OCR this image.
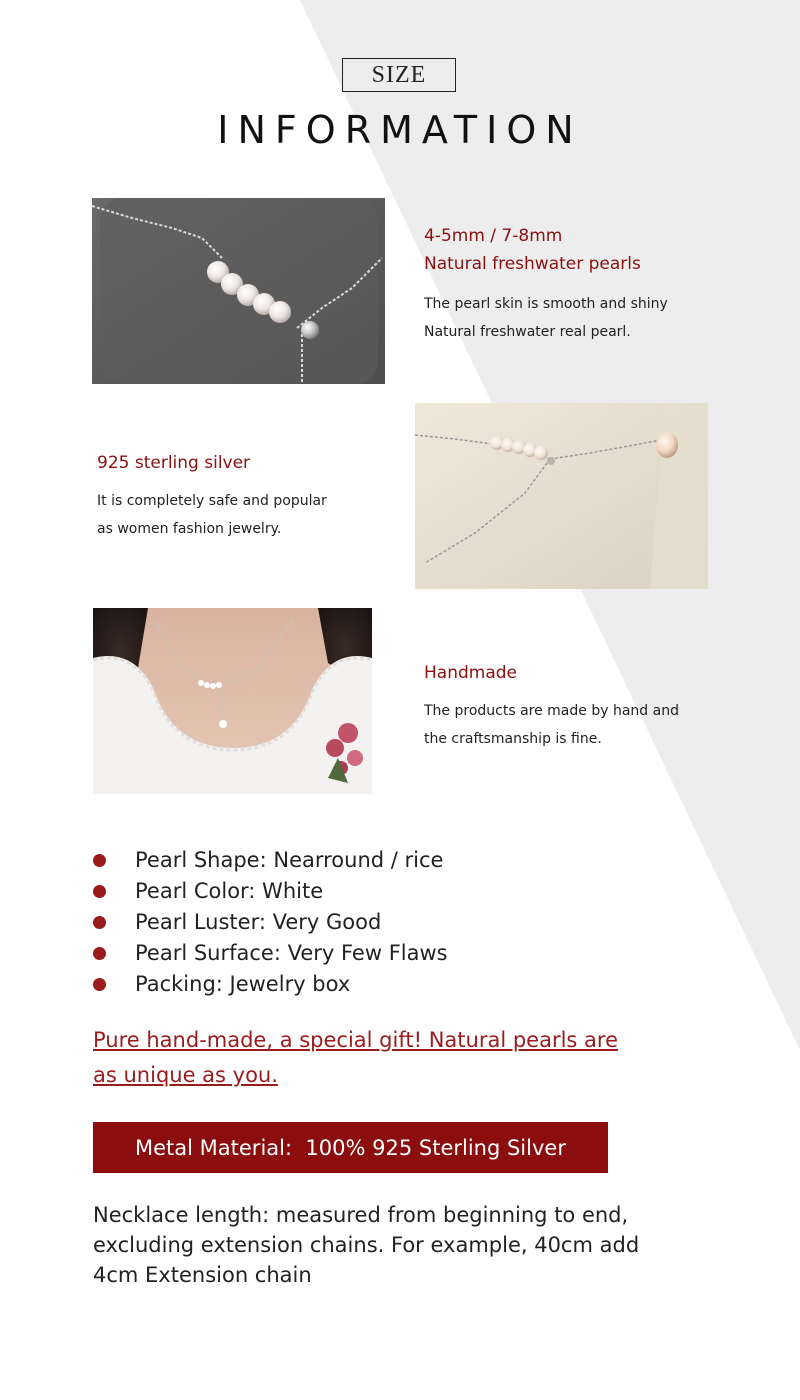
SIZE
INFORMATION
4-5mm / 7-8mm
Natural freshwater pearls
The pearl skin is smooth and shiny
Natural freshwater real pearl.
925 sterling silver
It is completely safe and popular
as women fashion jewelry.
Handmade
The products are made by hand and
the craftsmanship is fine.
Pearl Shape: Nearround / rice
Pearl Color: White
Pearl Luster: Very Good
Pearl Surface: Very Few Flaws
Packing: Jewelry box
Pure hand-made, a special gift! Natural pearls are
as unique as you.
Metal Material:  100% 925 Sterling Silver
Necklace length: measured from beginning to end,
excluding extension chains. For example, 40cm add
4cm Extension chain
